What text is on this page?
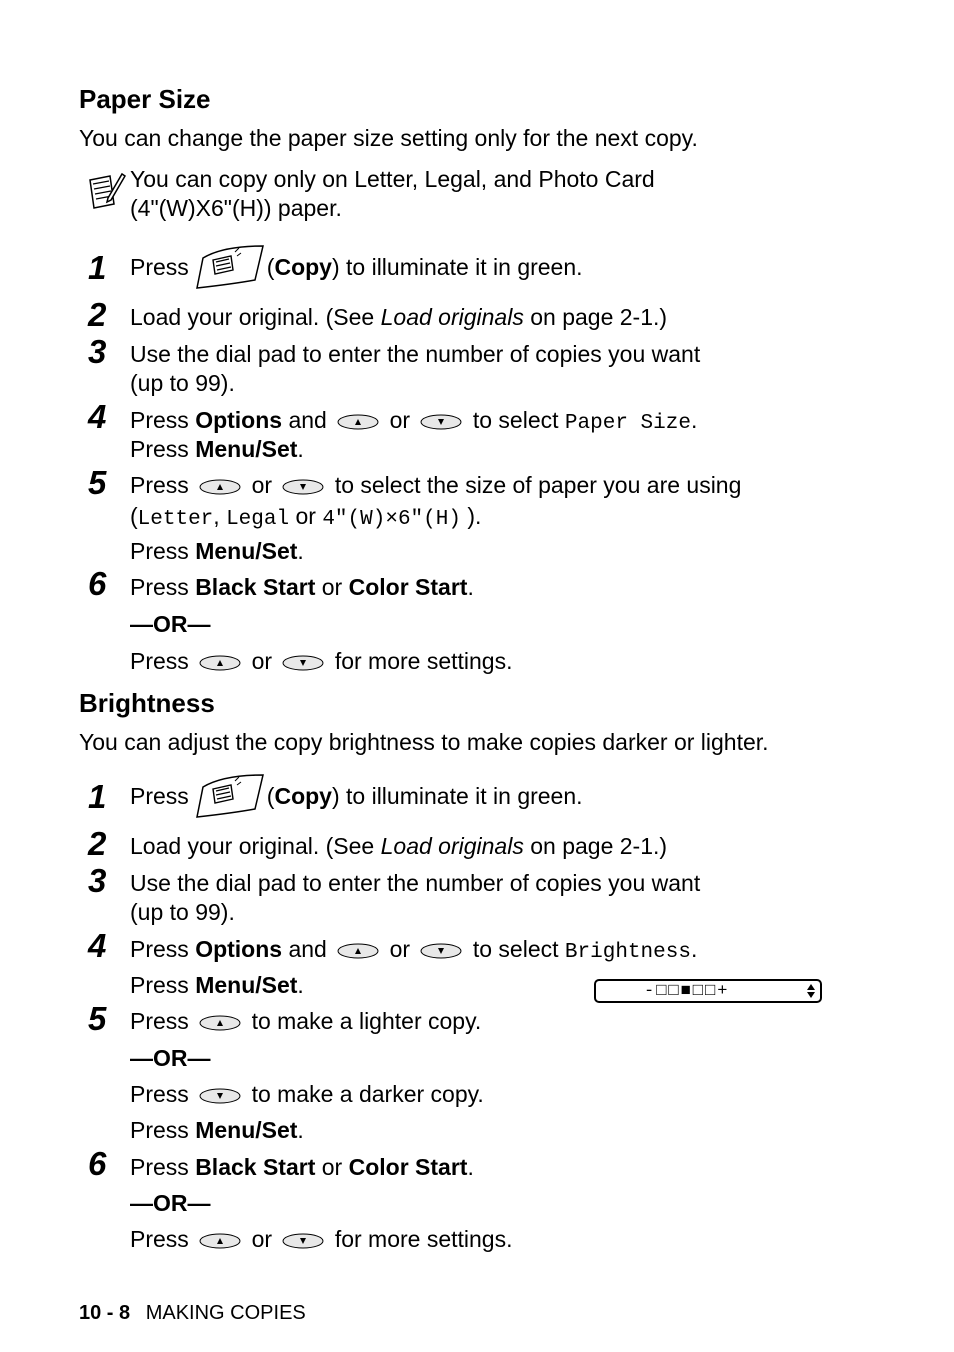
Paper Size
You can change the paper size setting only for the next copy.
You can copy only on Letter, Legal, and Photo Card
(4"(W)X6"(H)) paper.
1 Press	( Copy ) to illuminate it in green.
2 Load your original. (See Load originals on page 2-1.)
3 Use the dial pad to enter the number of copies you want
(up to 99).
4 Press Options and	or	to select Paper Size.
Press Menu/Set.
5 Press	or	to select the size of paper you are using
(Letter, Legal or 4"(W)×6"(H) ).
Press Menu/Set.
6 Press Black Start or Color Start.
—OR—
Press	or	for more settings.
Brightness
You can adjust the copy brightness to make copies darker or lighter.
1 Press	( Copy ) to illuminate it in green.
2 Load your original. (See Load originals on page 2-1.)
3 Use the dial pad to enter the number of copies you want
(up to 99).
4 Press Options and	or	to select Brightness.
Press Menu/Set.	-□□■□□+
5 Press	to make a lighter copy.
—OR—
Press	to make a darker copy.
Press Menu/Set.
6 Press Black Start or Color Start.
—OR—
Press	or	for more settings.
10 - 8 MAKING COPIES
